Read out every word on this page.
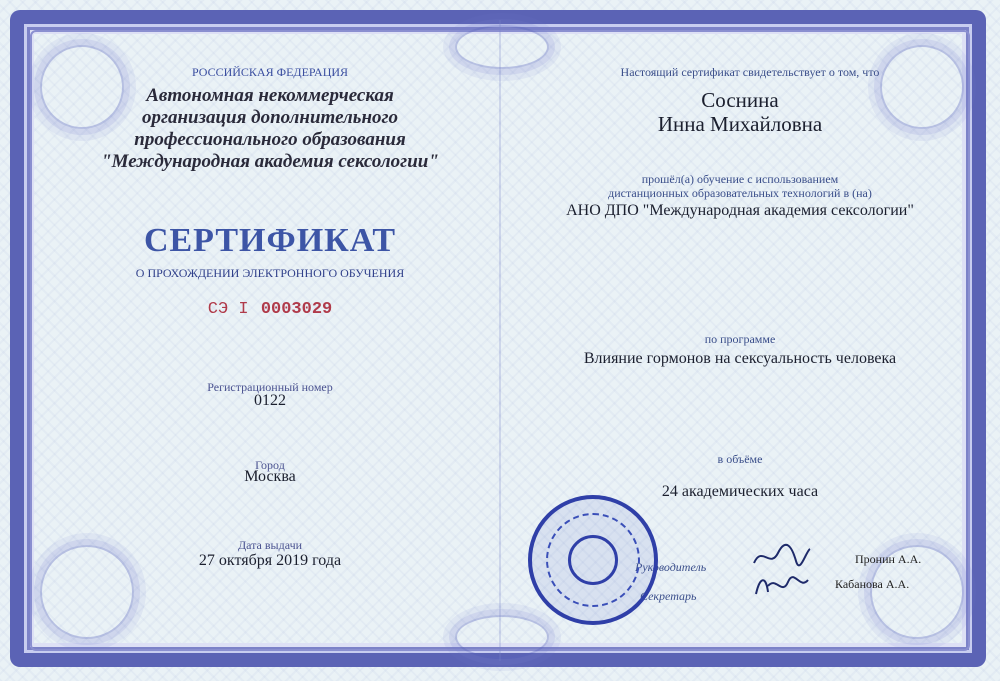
РОССИЙСКАЯ ФЕДЕРАЦИЯ
Автономная некоммерческая
организация дополнительного
профессионального образования
"Международная академия сексологии"
СЕРТИФИКАТ
О ПРОХОЖДЕНИИ ЭЛЕКТРОННОГО ОБУЧЕНИЯ
СЭ I 0003029
Регистрационный номер
0122
Город
Москва
Дата выдачи
27 октября 2019 года
Настоящий сертификат свидетельствует о том, что
Соснина
Инна Михайловна
прошёл(а) обучение с использованием
дистанционных образовательных технологий в (на)
АНО ДПО "Международная академия сексологии"
по программе
Влияние гормонов на сексуальность человека
в объёме
24 академических часа
Руководитель
Пронин А.А.
Секретарь
Кабанова А.А.
